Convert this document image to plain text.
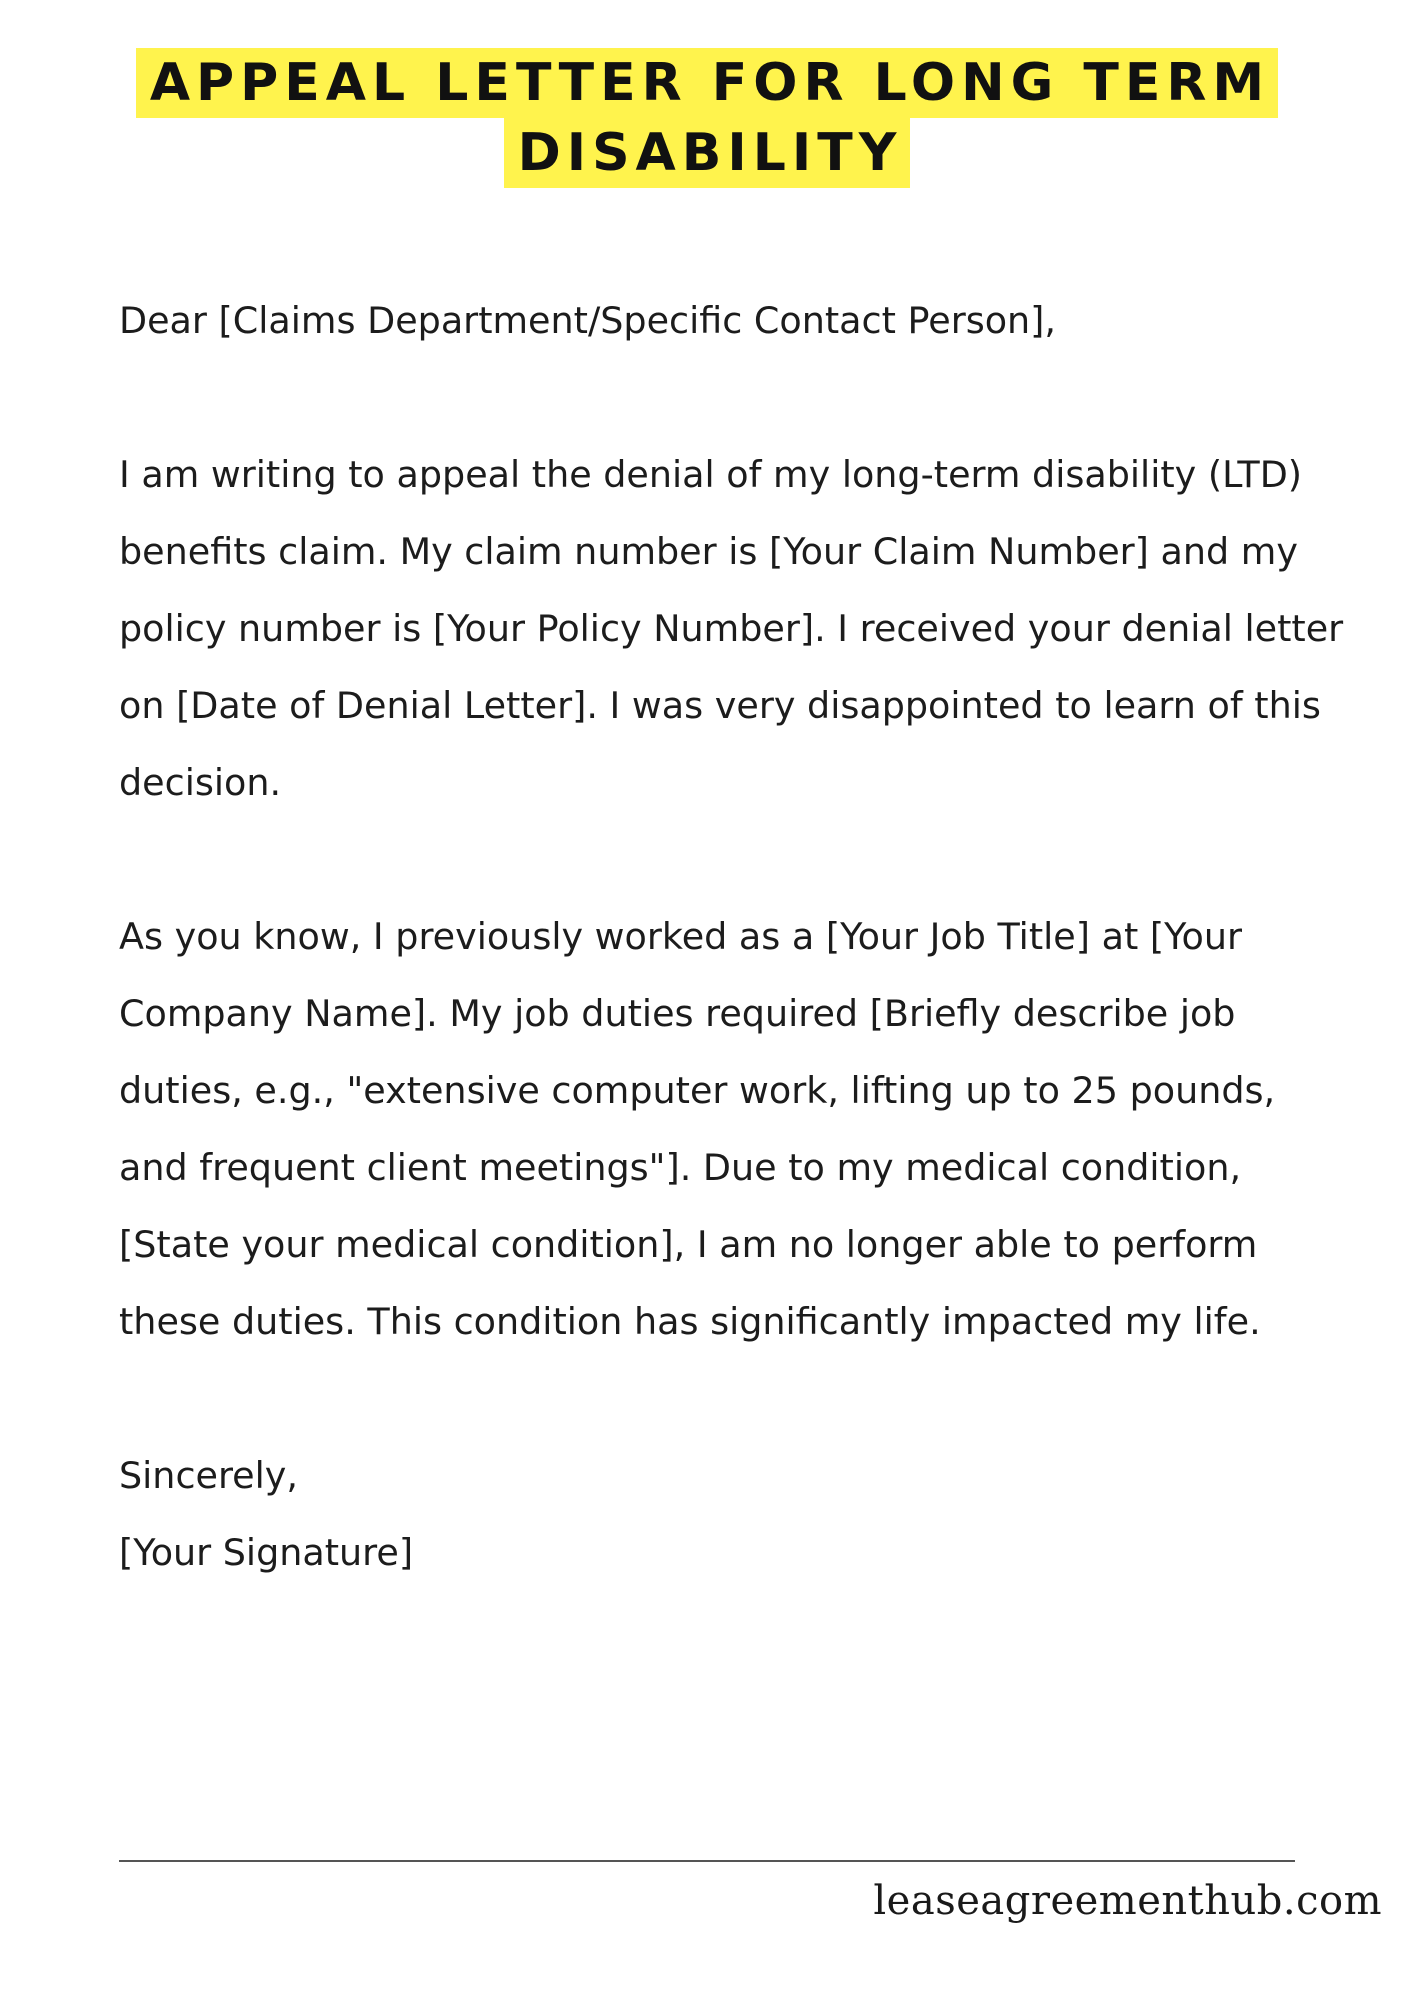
APPEAL LETTER FOR LONG TERM
DISABILITY

Dear [Claims Department/Specific Contact Person],

I am writing to appeal the denial of my long-term disability (LTD) benefits claim. My claim number is [Your Claim Number] and my policy number is [Your Policy Number]. I received your denial letter on [Date of Denial Letter]. I was very disappointed to learn of this decision.

As you know, I previously worked as a [Your Job Title] at [Your Company Name]. My job duties required [Briefly describe job duties, e.g., "extensive computer work, lifting up to 25 pounds, and frequent client meetings"]. Due to my medical condition, [State your medical condition], I am no longer able to perform these duties. This condition has significantly impacted my life.

Sincerely,
[Your Signature]

leaseagreementhub.com
